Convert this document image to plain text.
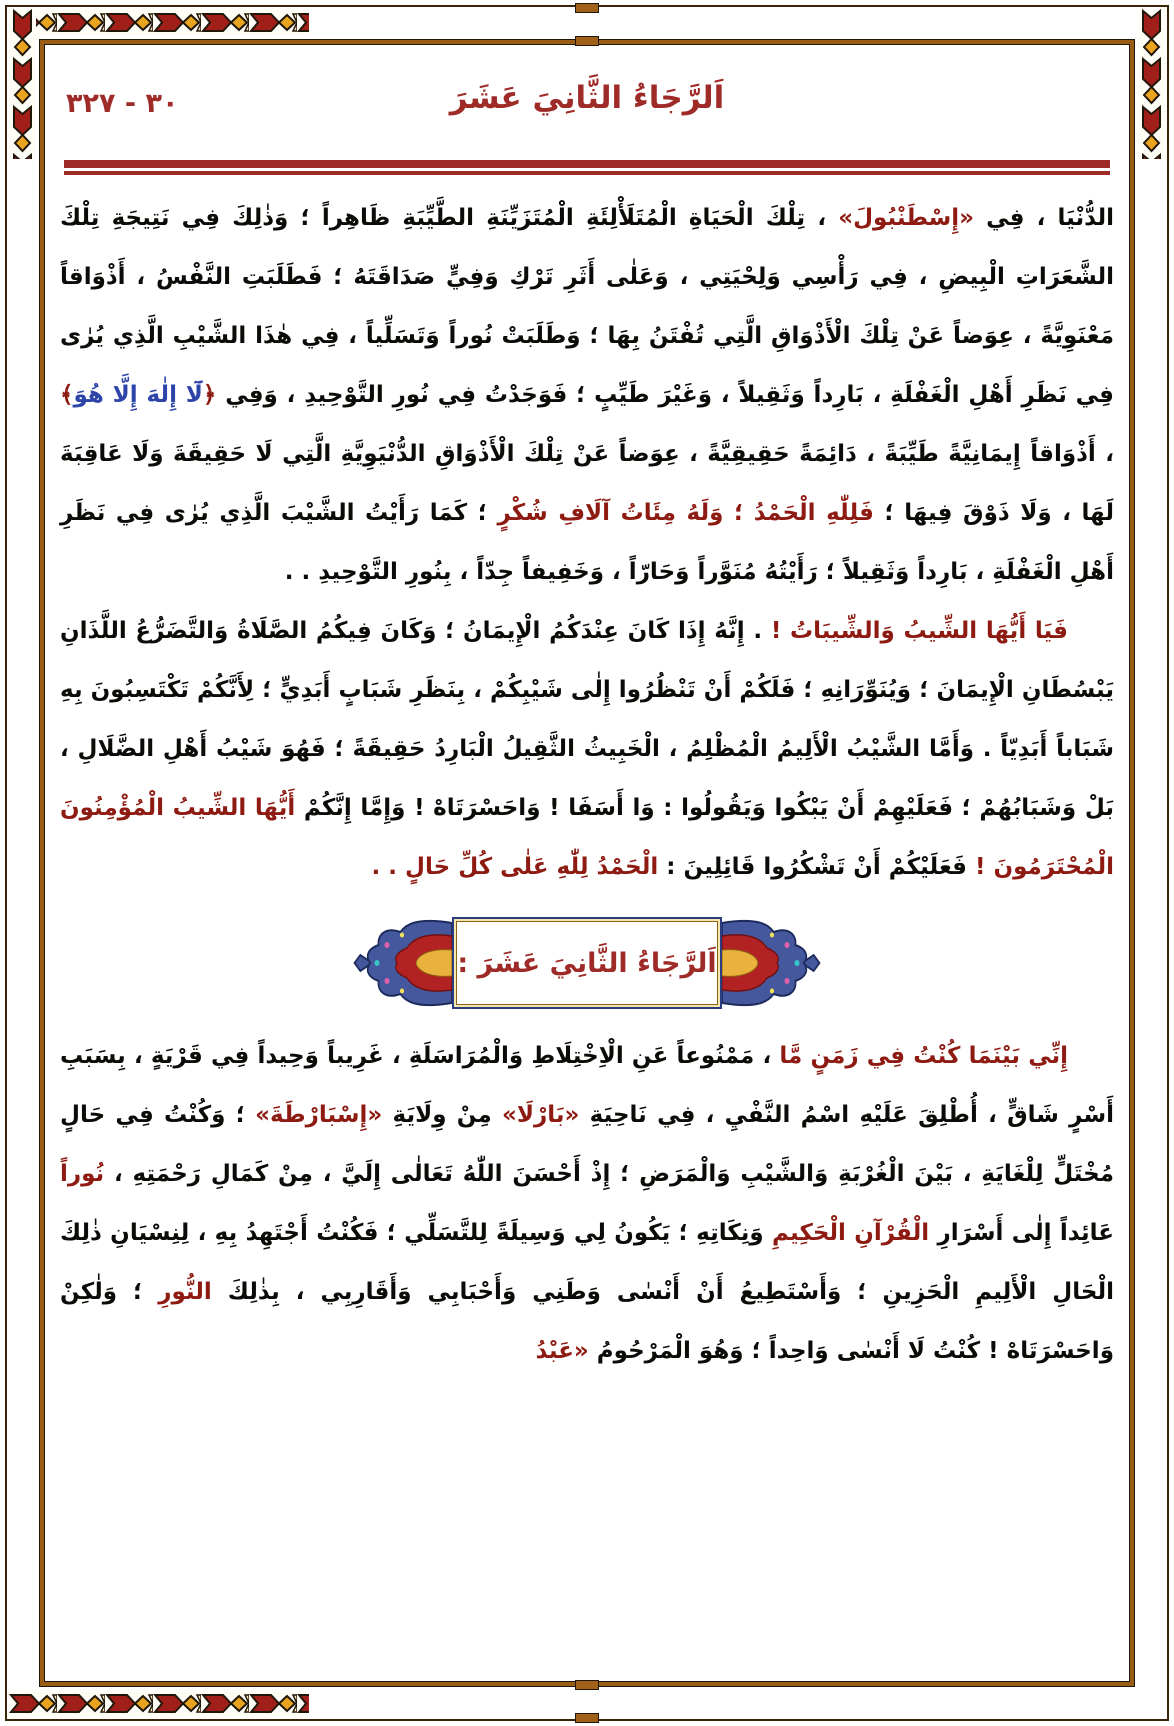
٣٠ - ٣٢٧	اَلرَّجَاءُ الثَّانِيَ عَشَرَ
الدُّنْيَا ، فِي «إِسْطَنْبُولَ» ، تِلْكَ الْحَيَاةِ الْمُتَلَأْلِئَةِ الْمُتَزَيِّنَةِ الطَّيِّبَةِ ظَاهِراً ؛ وَذٰلِكَ فِي نَتِيجَةِ تِلْكَ الشَّعَرَاتِ الْبِيضِ ، فِي رَأْسِي وَلِحْيَتِي ، وَعَلٰى أَثَرِ تَرْكِ وَفِيٍّ صَدَاقَتَهُ ؛ فَطَلَبَتِ النَّفْسُ ، أَذْوَاقاً مَعْنَوِيَّةً ، عِوَضاً عَنْ تِلْكَ الْأَذْوَاقِ الَّتِي تُفْتَنُ بِهَا ؛ وَطَلَبَتْ نُوراً وَتَسَلِّياً ، فِي هٰذَا الشَّيْبِ الَّذِي يُرٰى فِي نَظَرِ أَهْلِ الْغَفْلَةِ ، بَارِداً وَثَقِيلاً ، وَغَيْرَ طَيِّبٍ ؛ فَوَجَدْتُ فِي نُورِ التَّوْحِيدِ ، وَفِي ﴿لَٓا إِلٰهَ إِلَّا هُوَ﴾ ، أَذْوَاقاً إِيمَانِيَّةً طَيِّبَةً ، دَائِمَةً حَقِيقِيَّةً ، عِوَضاً عَنْ تِلْكَ الْأَذْوَاقِ الدُّنْيَوِيَّةِ الَّتِي لَا حَقِيقَةَ وَلَا عَاقِبَةَ لَهَا ، وَلَا ذَوْقَ فِيهَا ؛ فَلِلّٰهِ الْحَمْدُ ؛ وَلَهُ مِئَاتُ آلَافِ شُكْرٍ ؛ كَمَا رَأَيْتُ الشَّيْبَ الَّذِي يُرٰى فِي نَظَرِ أَهْلِ الْغَفْلَةِ ، بَارِداً وَثَقِيلاً ؛ رَأَيْتُهُ مُنَوَّراً وَحَارّاً ، وَخَفِيفاً جِدّاً ، بِنُورِ التَّوْحِيدِ . .
فَيَا أَيُّهَا الشِّيبُ وَالشِّيبَاتُ ! . إِنَّهُ إِذَا كَانَ عِنْدَكُمُ الْإِيمَانُ ؛ وَكَانَ فِيكُمُ الصَّلَاةُ وَالتَّضَرُّعُ اللَّذَانِ يَبْسُطَانِ الْإِيمَانَ ؛ وَيُنَوِّرَانِهِ ؛ فَلَكُمْ أَنْ تَنْظُرُوا إِلٰى شَيْبِكُمْ ، بِنَظَرِ شَبَابٍ أَبَدِيٍّ ؛ لِأَنَّكُمْ تَكْتَسِبُونَ بِهِ شَبَاباً أَبَدِيّاً . وَأَمَّا الشَّيْبُ الْأَلِيمُ الْمُظْلِمُ ، الْخَبِيثُ الثَّقِيلُ الْبَارِدُ حَقِيقَةً ؛ فَهُوَ شَيْبُ أَهْلِ الضَّلَالِ ، بَلْ وَشَبَابُهُمْ ؛ فَعَلَيْهِمْ أَنْ يَبْكُوا وَيَقُولُوا : وَا أَسَفَا ! وَاحَسْرَتَاهْ ! وَإِمَّا إِنَّكُمْ أَيُّهَا الشِّيبُ الْمُؤْمِنُونَ الْمُحْتَرَمُونَ ! فَعَلَيْكُمْ أَنْ تَشْكُرُوا قَائِلِينَ : الْحَمْدُ لِلّٰهِ عَلٰى كُلِّ حَالٍ . .
اَلرَّجَاءُ الثَّانِيَ عَشَرَ :
إِنِّي بَيْنَمَا كُنْتُ فِي زَمَنٍ مَّا ، مَمْنُوعاً عَنِ الْاِخْتِلَاطِ وَالْمُرَاسَلَةِ ، غَرِيباً وَحِيداً فِي قَرْيَةٍ ، بِسَبَبِ أَسْرٍ شَاقٍّ ، أُطْلِقَ عَلَيْهِ اسْمُ النَّفْيِ ، فِي نَاحِيَةِ «بَارْلَا» مِنْ وِلَايَةِ «إِسْبَارْطَةَ» ؛ وَكُنْتُ فِي حَالٍ مُخْتَلٍّ لِلْغَايَةِ ، بَيْنَ الْغُرْبَةِ وَالشَّيْبِ وَالْمَرَضِ ؛ إِذْ أَحْسَنَ اللّٰهُ تَعَالٰى إِلَيَّ ، مِنْ كَمَالِ رَحْمَتِهِ ، نُوراً عَائِداً إِلٰى أَسْرَارِ الْقُرْآنِ الْحَكِيمِ وَنِكَاتِهِ ؛ يَكُونُ لِي وَسِيلَةً لِلتَّسَلِّي ؛ فَكُنْتُ أَجْتَهِدُ بِهِ ، لِنِسْيَانِ ذٰلِكَ الْحَالِ الْأَلِيمِ الْحَزِينِ ؛ وَأَسْتَطِيعُ أَنْ أَنْسٰى وَطَنِي وَأَحْبَابِي وَأَقَارِبِي ، بِذٰلِكَ النُّورِ ؛ وَلٰكِنْ وَاحَسْرَتَاهْ ! كُنْتُ لَا أَنْسٰى وَاحِداً ؛ وَهُوَ الْمَرْحُومُ «عَبْدُ
